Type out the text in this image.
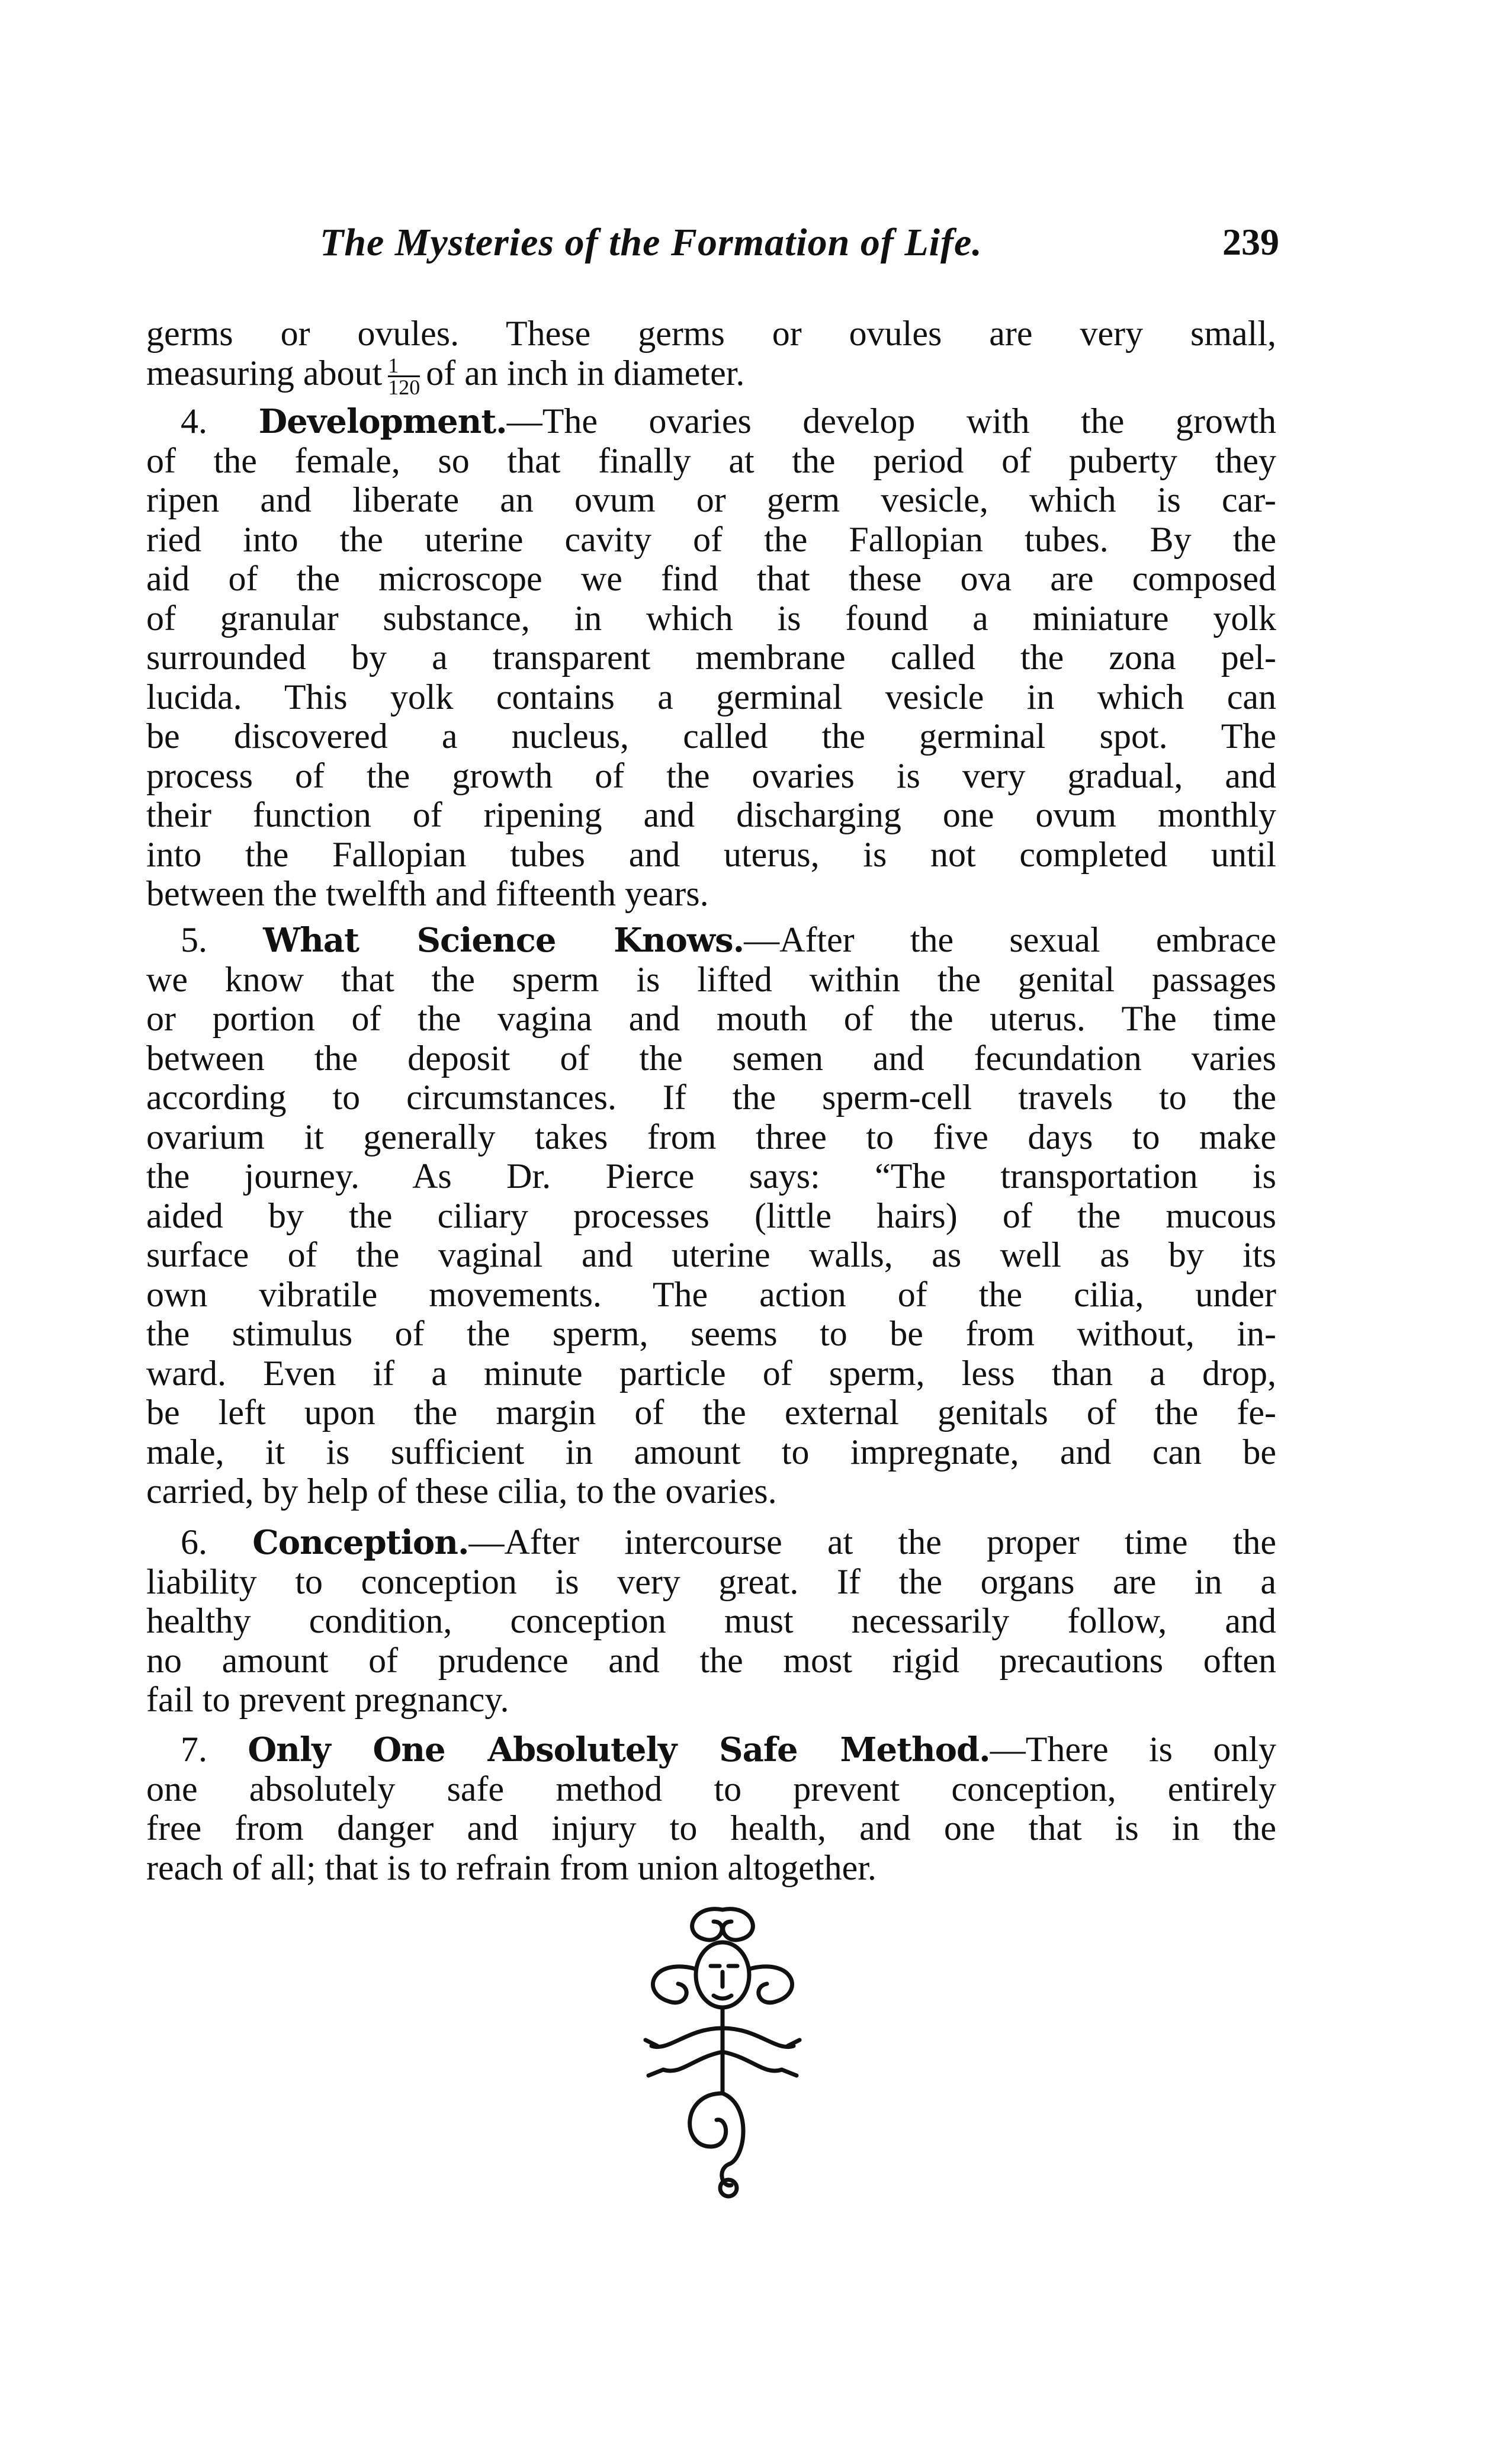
The Mysteries of the Formation of Life.	239
germs or ovules. These germs or ovules are very small,
measuring about $\frac{1}{120}$ of an inch in diameter.
4. Development.—The ovaries develop with the growth
of the female, so that finally at the period of puberty they
ripen and liberate an ovum or germ vesicle, which is car-
ried into the uterine cavity of the Fallopian tubes. By the
aid of the microscope we find that these ova are composed
of granular substance, in which is found a miniature yolk
surrounded by a transparent membrane called the zona pel-
lucida. This yolk contains a germinal vesicle in which can
be discovered a nucleus, called the germinal spot. The
process of the growth of the ovaries is very gradual, and
their function of ripening and discharging one ovum monthly
into the Fallopian tubes and uterus, is not completed until
between the twelfth and fifteenth years.
5. What Science Knows.—After the sexual embrace
we know that the sperm is lifted within the genital passages
or portion of the vagina and mouth of the uterus. The time
between the deposit of the semen and fecundation varies
according to circumstances. If the sperm-cell travels to the
ovarium it generally takes from three to five days to make
the journey. As Dr. Pierce says: “The transportation is
aided by the ciliary processes (little hairs) of the mucous
surface of the vaginal and uterine walls, as well as by its
own vibratile movements. The action of the cilia, under
the stimulus of the sperm, seems to be from without, in-
ward. Even if a minute particle of sperm, less than a drop,
be left upon the margin of the external genitals of the fe-
male, it is sufficient in amount to impregnate, and can be
carried, by help of these cilia, to the ovaries.
6. Conception.—After intercourse at the proper time the
liability to conception is very great. If the organs are in a
healthy condition, conception must necessarily follow, and
no amount of prudence and the most rigid precautions often
fail to prevent pregnancy.
7. Only One Absolutely Safe Method.—There is only
one absolutely safe method to prevent conception, entirely
free from danger and injury to health, and one that is in the
reach of all; that is to refrain from union altogether.
